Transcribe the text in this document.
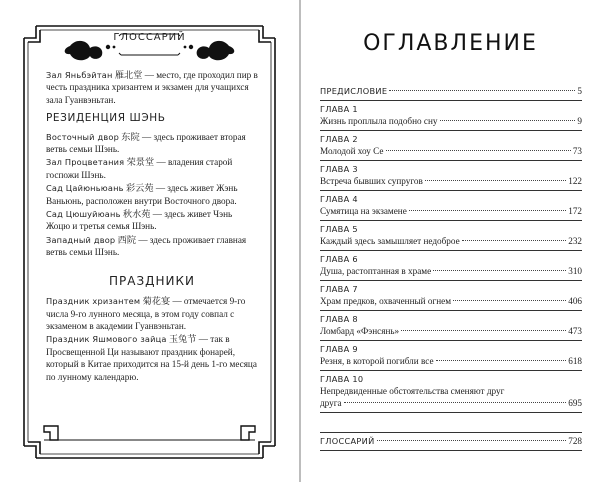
ГЛОССАРИЙ
Зал Яньбэйтан 雁北堂 — место, где проходил пир в честь праздника хризантем и экзамен для учащихся зала Гуанвэньтан.
РЕЗИДЕНЦИЯ ШЭНЬ
Восточный двор 东院 — здесь проживает вторая ветвь семьи Шэнь.
Зал Процветания 荣景堂 — владения старой госпожи Шэнь.
Сад Цайюньюань 彩云苑 — здесь живет Жэнь Ваньюнь, расположен внутри Восточного двора.
Сад Цюшуйюань 秋水苑 — здесь живет Чэнь Жоцю и третья семья Шэнь.
Западный двор 西院 — здесь проживает главная ветвь семьи Шэнь.
ПРАЗДНИКИ
Праздник хризантем 菊花宴 — отмечается 9-го числа 9-го лунного месяца, в этом году совпал с экзаменом в академии Гуанвэньтан.
Праздник Яшмового зайца 玉兔节 — так в Просвещенной Ци называют праздник фонарей, который в Китае приходится на 15-й день 1-го месяца по лунному календарю.
ОГЛАВЛЕНИЕ
ПРЕДИСЛОВИЕ	5
ГЛАВА 1
Жизнь проплыла подобно сну	9
ГЛАВА 2
Молодой хоу Се	73
ГЛАВА 3
Встреча бывших супругов	122
ГЛАВА 4
Сумятица на экзамене	172
ГЛАВА 5
Каждый здесь замышляет недоброе	232
ГЛАВА 6
Душа, растоптанная в храме	310
ГЛАВА 7
Храм предков, охваченный огнем	406
ГЛАВА 8
Ломбард «Фэнсянь»	473
ГЛАВА 9
Резня, в которой погибли все	618
ГЛАВА 10
Непредвиденные обстоятельства сменяют друг
друга	695
ГЛОССАРИЙ	728
